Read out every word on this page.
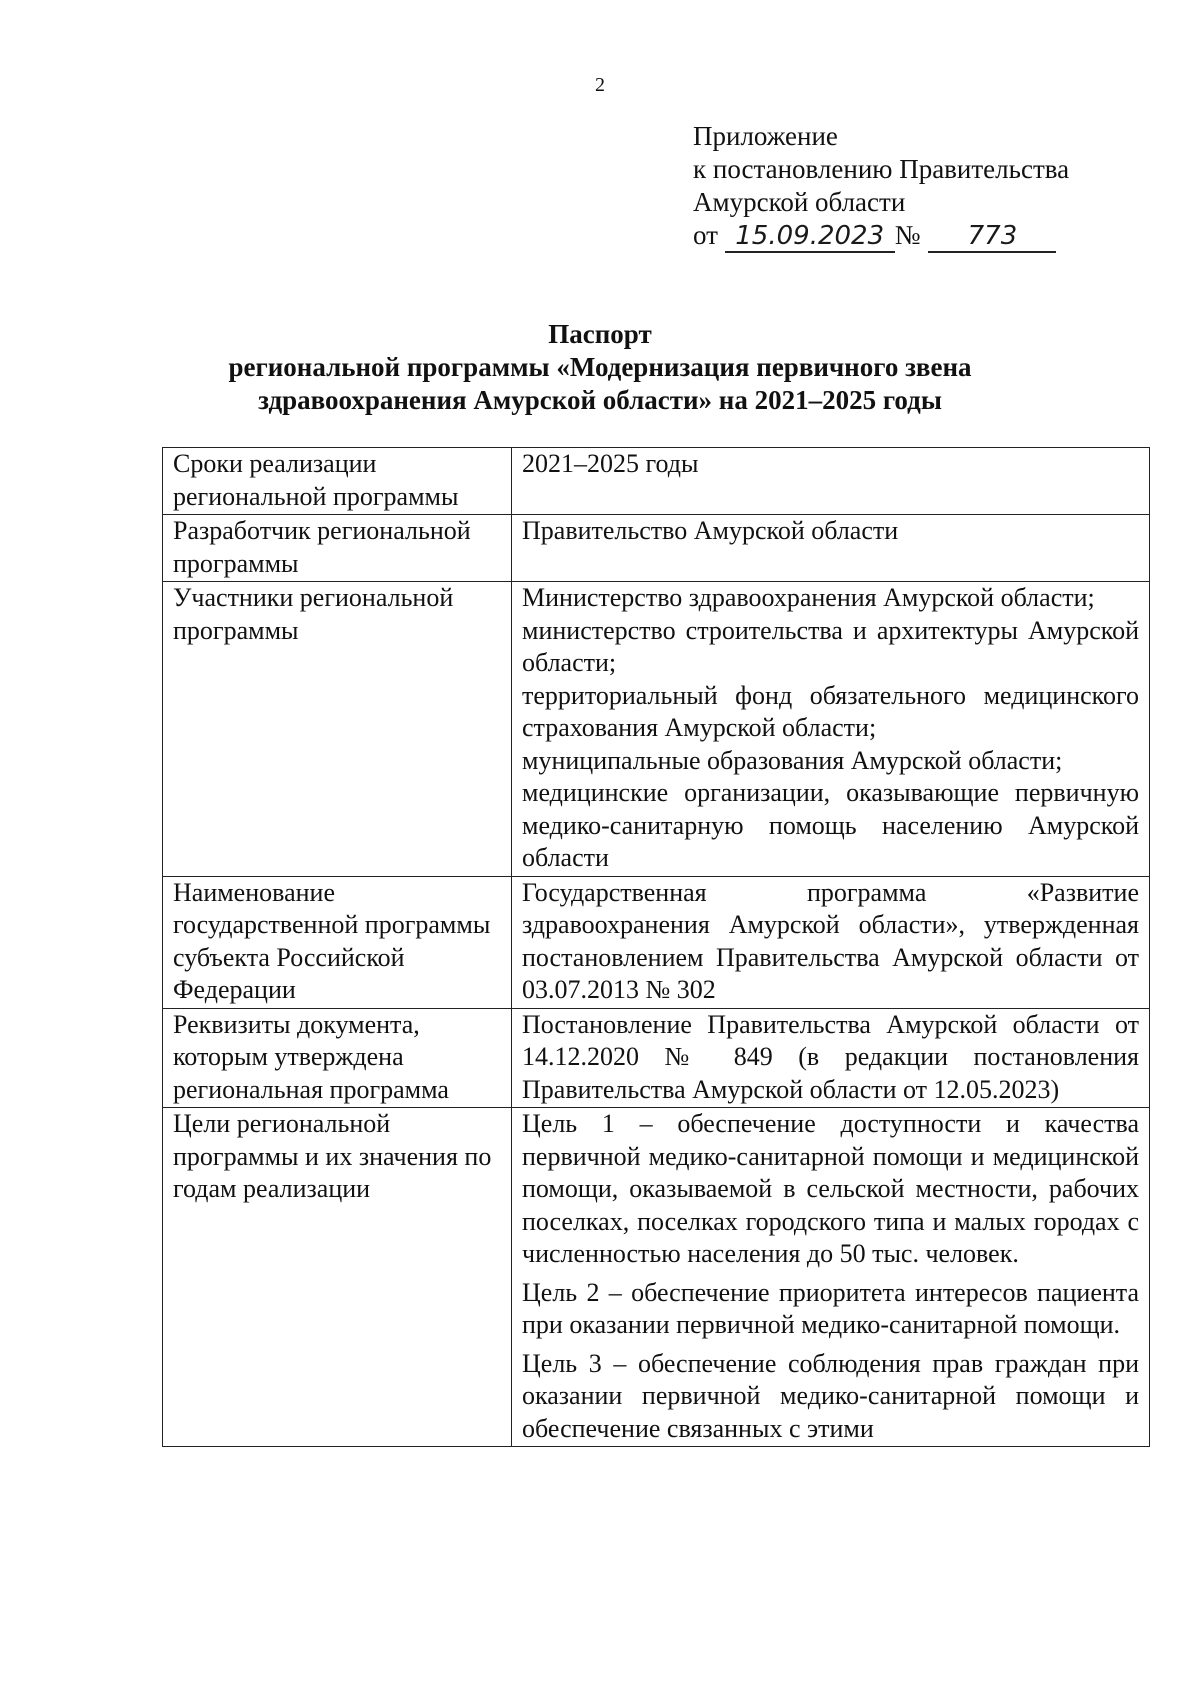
2
Приложение
к постановлению Правительства
Амурской области
от 15.09.2023 № 773
Паспорт
региональной программы «Модернизация первичного звена
здравоохранения Амурской области» на 2021–2025 годы
Сроки реализации региональной программы	2021–2025 годы

Разработчик региональной программы	Правительство Амурской области

Участники региональной программы	Министерство здравоохранения Амурской области;
министерство строительства и архитектуры Амурской области;
территориальный фонд обязательного медицинского страхования Амурской области;
муниципальные образования Амурской области;
медицинские организации, оказывающие первичную медико-санитарную помощь населению Амурской области

Наименование государственной программы субъекта Российской Федерации	Государственная программа «Развитие здравоохранения Амурской области», утвержденная постановлением Правительства Амурской области от 03.07.2013 № 302

Реквизиты документа, которым утверждена региональная программа	Постановление Правительства Амурской области от 14.12.2020 № 849 (в редакции постановления Правительства Амурской области от 12.05.2023)

Цели региональной программы и их значения по годам реализации	Цель 1 – обеспечение доступности и качества первичной медико-санитарной помощи и медицинской помощи, оказываемой в сельской местности, рабочих поселках, поселках городского типа и малых городах с численностью населения до 50 тыс. человек.
Цель 2 – обеспечение приоритета интересов пациента при оказании первичной медико-санитарной помощи.
Цель 3 – обеспечение соблюдения прав граждан при оказании первичной медико-санитарной помощи и обеспечение связанных с этими
